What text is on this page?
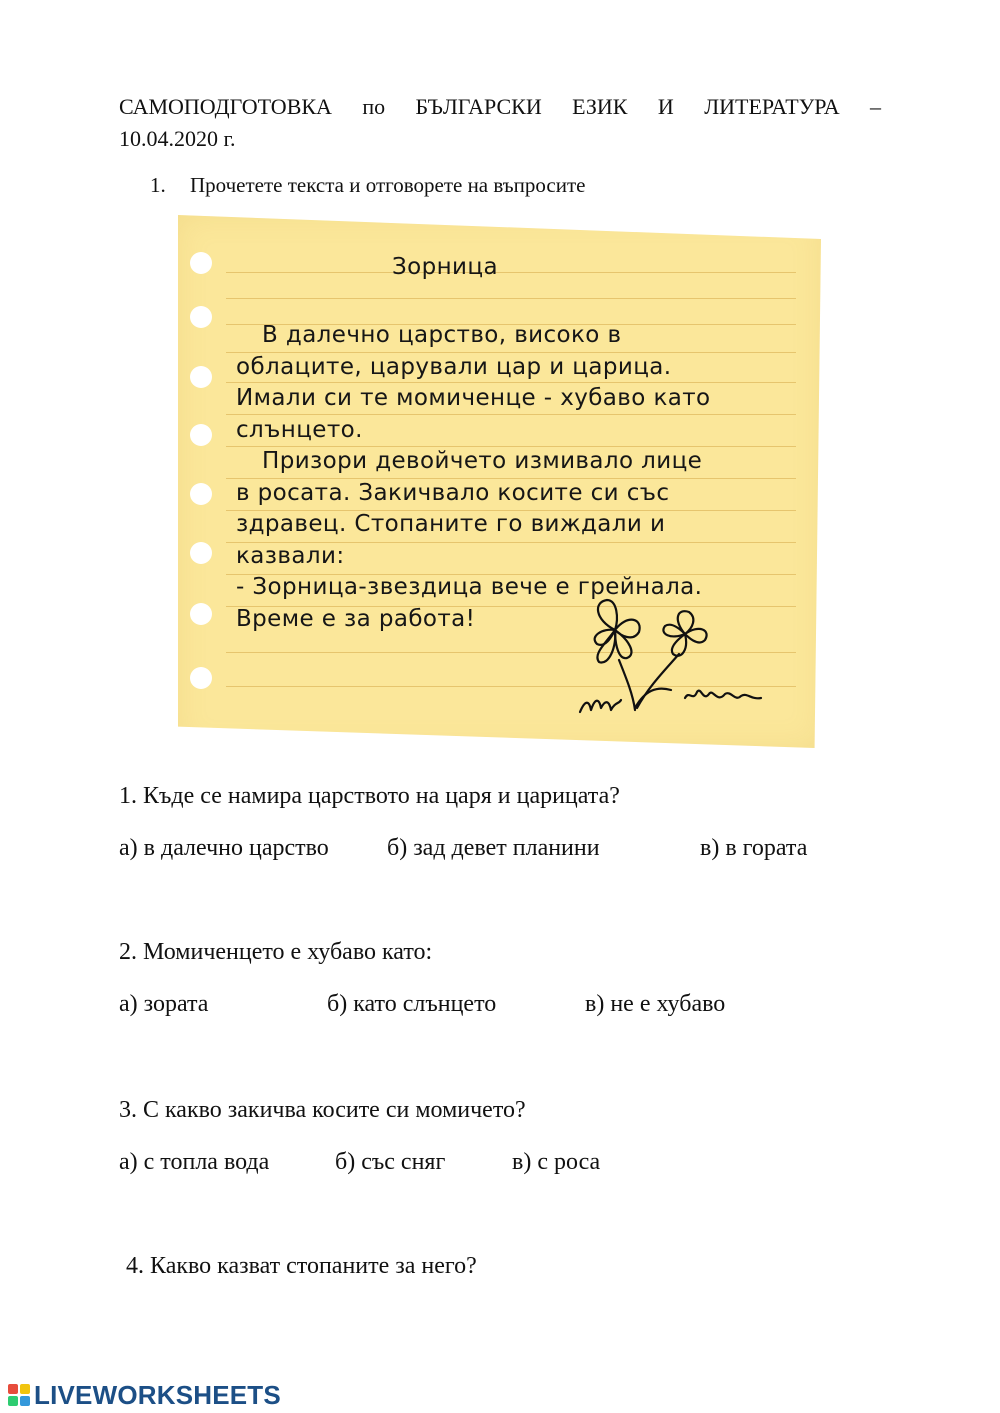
САМОПОДГОТОВКА по БЪЛГАРСКИ ЕЗИК И ЛИТЕРАТУРА –
10.04.2020 г.
1. Прочетете текста и отговорете на въпросите
Зорница

В далечно царство, високо в

облаците, царували цар и царица.

Имали си те момиченце - хубаво като

слънцето.

Призори девойчето измивало лице

в росата. Закичвало косите си със

здравец. Стопаните го виждали и

казвали:

- Зорница-звездица вече е грейнала.

Време е за работа!

1. Къде се намира царството на царя и царицата?
а) в далечно царство б) зад девет планини	в) в гората
2. Момиченцето е хубаво като:
а) зората	б) като слънцето	в) не е хубаво
3. С какво закичва косите си момичето?
а) с топла вода	б) със сняг	в) с роса
4. Какво казват стопаните за него?
LIVEWORKSHEETS
